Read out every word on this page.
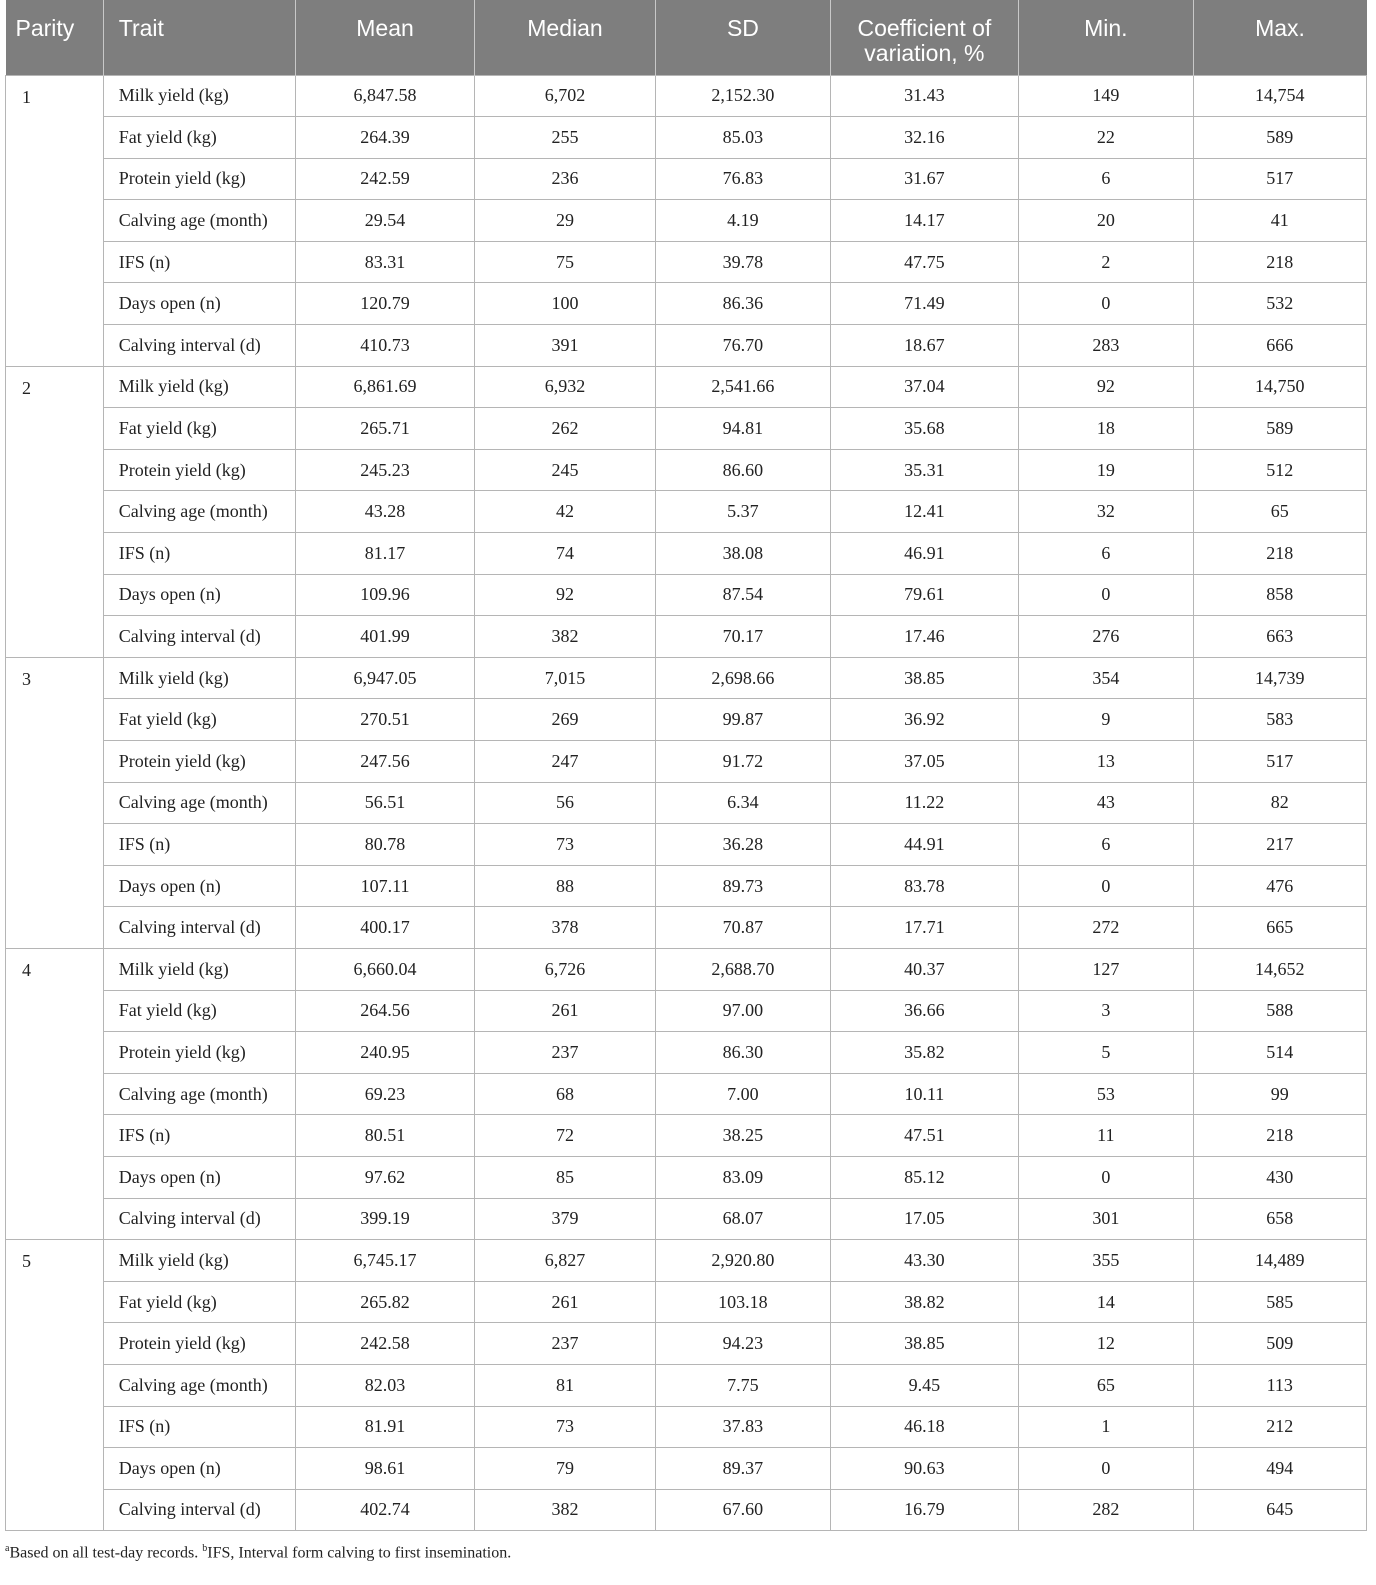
Parity	Trait	Mean	Median	SD	Coefficient of variation, %	Min.	Max.
1	Milk yield (kg)	6,847.58	6,702	2,152.30	31.43	149	14,754
	Fat yield (kg)	264.39	255	85.03	32.16	22	589
	Protein yield (kg)	242.59	236	76.83	31.67	6	517
	Calving age (month)	29.54	29	4.19	14.17	20	41
	IFS (n)	83.31	75	39.78	47.75	2	218
	Days open (n)	120.79	100	86.36	71.49	0	532
	Calving interval (d)	410.73	391	76.70	18.67	283	666
2	Milk yield (kg)	6,861.69	6,932	2,541.66	37.04	92	14,750
	Fat yield (kg)	265.71	262	94.81	35.68	18	589
	Protein yield (kg)	245.23	245	86.60	35.31	19	512
	Calving age (month)	43.28	42	5.37	12.41	32	65
	IFS (n)	81.17	74	38.08	46.91	6	218
	Days open (n)	109.96	92	87.54	79.61	0	858
	Calving interval (d)	401.99	382	70.17	17.46	276	663
3	Milk yield (kg)	6,947.05	7,015	2,698.66	38.85	354	14,739
	Fat yield (kg)	270.51	269	99.87	36.92	9	583
	Protein yield (kg)	247.56	247	91.72	37.05	13	517
	Calving age (month)	56.51	56	6.34	11.22	43	82
	IFS (n)	80.78	73	36.28	44.91	6	217
	Days open (n)	107.11	88	89.73	83.78	0	476
	Calving interval (d)	400.17	378	70.87	17.71	272	665
4	Milk yield (kg)	6,660.04	6,726	2,688.70	40.37	127	14,652
	Fat yield (kg)	264.56	261	97.00	36.66	3	588
	Protein yield (kg)	240.95	237	86.30	35.82	5	514
	Calving age (month)	69.23	68	7.00	10.11	53	99
	IFS (n)	80.51	72	38.25	47.51	11	218
	Days open (n)	97.62	85	83.09	85.12	0	430
	Calving interval (d)	399.19	379	68.07	17.05	301	658
5	Milk yield (kg)	6,745.17	6,827	2,920.80	43.30	355	14,489
	Fat yield (kg)	265.82	261	103.18	38.82	14	585
	Protein yield (kg)	242.58	237	94.23	38.85	12	509
	Calving age (month)	82.03	81	7.75	9.45	65	113
	IFS (n)	81.91	73	37.83	46.18	1	212
	Days open (n)	98.61	79	89.37	90.63	0	494
	Calving interval (d)	402.74	382	67.60	16.79	282	645
$^a$Based on all test-day records. $^b$IFS, Interval form calving to first insemination.
